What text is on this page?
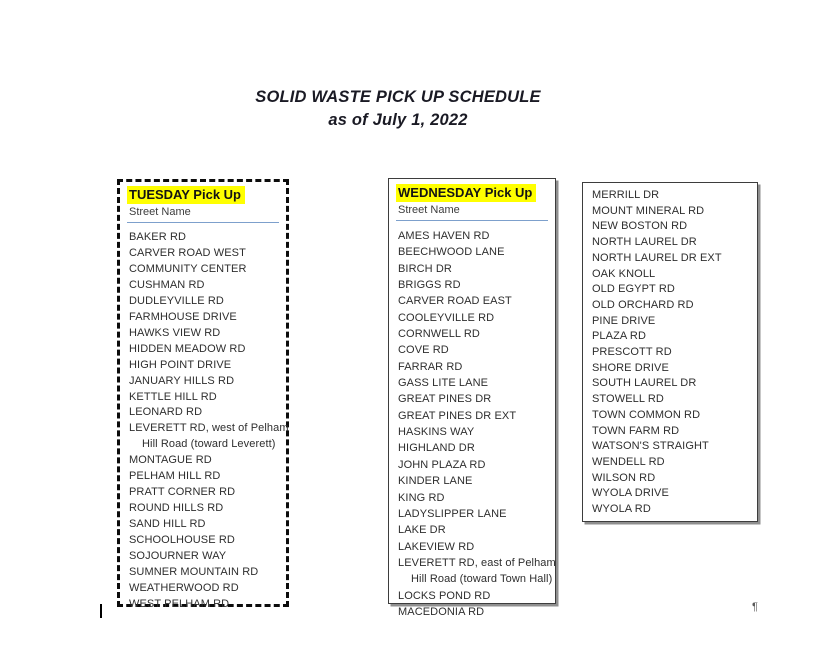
SOLID WASTE PICK UP SCHEDULE
as of July 1, 2022
TUESDAY Pick Up
Street Name
BAKER RD
CARVER ROAD WEST
COMMUNITY CENTER
CUSHMAN RD
DUDLEYVILLE RD
FARMHOUSE DRIVE
HAWKS VIEW RD
HIDDEN MEADOW RD
HIGH POINT DRIVE
JANUARY HILLS RD
KETTLE HILL RD
LEONARD RD
LEVERETT RD, west of Pelham
Hill Road (toward Leverett)
MONTAGUE RD
PELHAM HILL RD
PRATT CORNER RD
ROUND HILLS RD
SAND HILL RD
SCHOOLHOUSE RD
SOJOURNER WAY
SUMNER MOUNTAIN RD
WEATHERWOOD RD
WEST PELHAM RD
WEDNESDAY Pick Up
Street Name
AMES HAVEN RD
BEECHWOOD LANE
BIRCH DR
BRIGGS RD
CARVER ROAD EAST
COOLEYVILLE RD
CORNWELL RD
COVE RD
FARRAR RD
GASS LITE LANE
GREAT PINES DR
GREAT PINES DR EXT
HASKINS WAY
HIGHLAND DR
JOHN PLAZA RD
KINDER LANE
KING RD
LADYSLIPPER LANE
LAKE DR
LAKEVIEW RD
LEVERETT RD, east of Pelham
Hill Road (toward Town Hall)
LOCKS POND RD
MACEDONIA RD
MERRILL DR
MOUNT MINERAL RD
NEW BOSTON RD
NORTH LAUREL DR
NORTH LAUREL DR EXT
OAK KNOLL
OLD EGYPT RD
OLD ORCHARD RD
PINE DRIVE
PLAZA RD
PRESCOTT RD
SHORE DRIVE
SOUTH LAUREL DR
STOWELL RD
TOWN COMMON RD
TOWN FARM RD
WATSON'S STRAIGHT
WENDELL RD
WILSON RD
WYOLA DRIVE
WYOLA RD
¶
